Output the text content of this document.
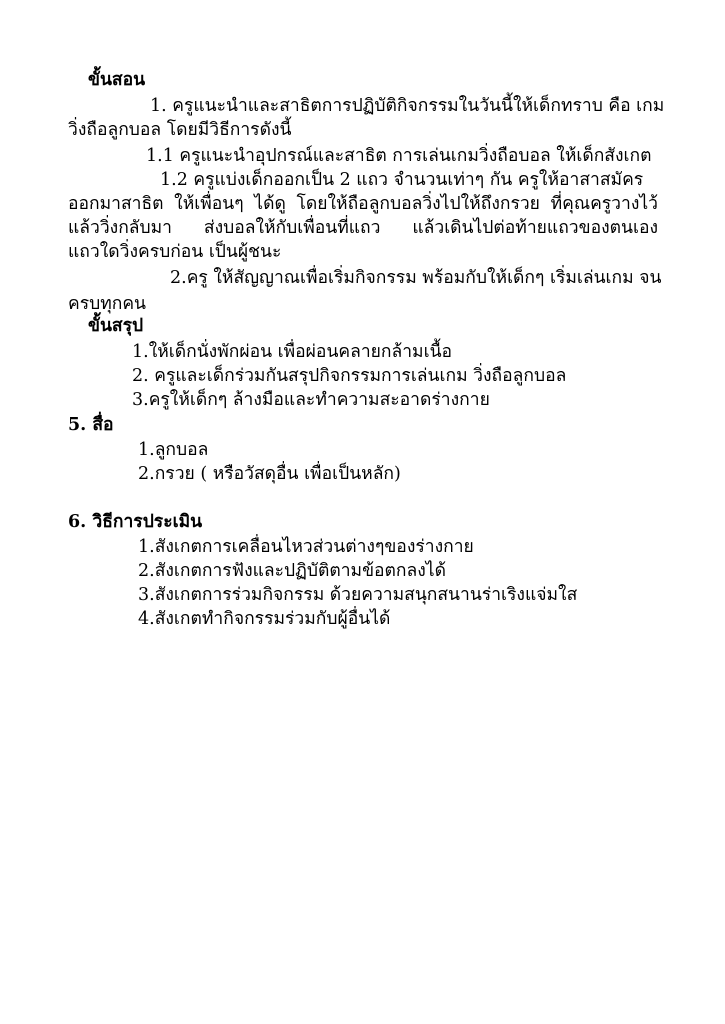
ขั้นสอน
1. ครูแนะนำและสาธิตการปฏิบัติกิจกรรมในวันนี้ให้เด็กทราบ คือ เกม
วิ่งถือลูกบอล โดยมีวิธีการดังนี้
1.1 ครูแนะนำอุปกรณ์และสาธิต การเล่นเกมวิ่งถือบอล ให้เด็กสังเกต
1.2 ครูแบ่งเด็กออกเป็น 2 แถว จำนวนเท่าๆ กัน ครูให้อาสาสมัคร
ออกมาสาธิต ให้เพื่อนๆ ได้ดู โดยให้ถือลูกบอลวิ่งไปให้ถึงกรวย ที่คุณครูวางไว้
แล้ววิ่งกลับมา ส่งบอลให้กับเพื่อนที่แถว แล้วเดินไปต่อท้ายแถวของตนเอง
แถวใดวิ่งครบก่อน เป็นผู้ชนะ
2.ครู ให้สัญญาณเพื่อเริ่มกิจกรรม พร้อมกับให้เด็กๆ เริ่มเล่นเกม จน
ครบทุกคน
ขั้นสรุป
1.ให้เด็กนั่งพักผ่อน เพื่อผ่อนคลายกล้ามเนื้อ
2. ครูและเด็กร่วมกันสรุปกิจกรรมการเล่นเกม วิ่งถือลูกบอล
3.ครูให้เด็กๆ ล้างมือและทำความสะอาดร่างกาย
5. สื่อ
1.ลูกบอล
2.กรวย ( หรือวัสดุอื่น เพื่อเป็นหลัก)
6. วิธีการประเมิน
1.สังเกตการเคลื่อนไหวส่วนต่างๆของร่างกาย
2.สังเกตการฟังและปฏิบัติตามข้อตกลงได้
3.สังเกตการร่วมกิจกรรม ด้วยความสนุกสนานร่าเริงแจ่มใส
4.สังเกตทำกิจกรรมร่วมกับผู้อื่นได้
